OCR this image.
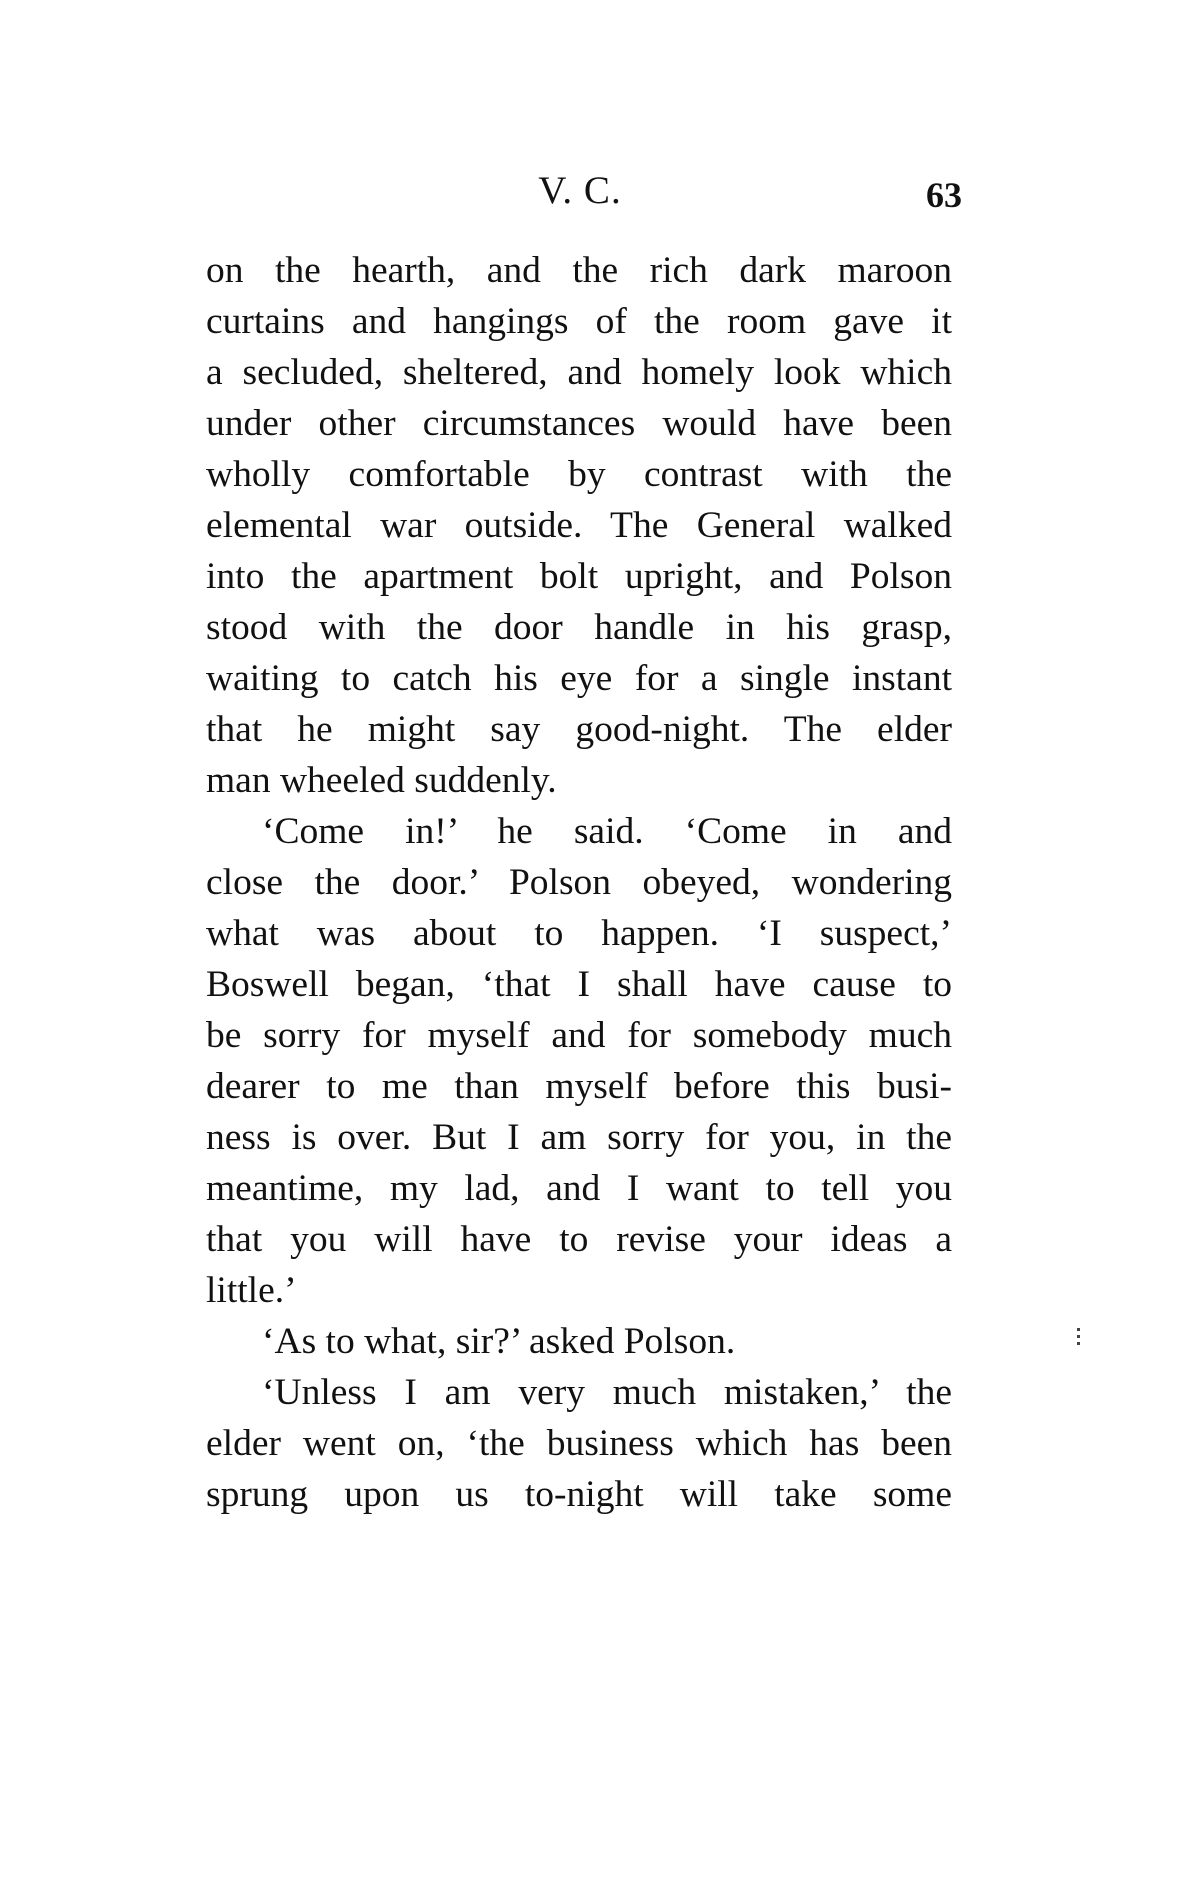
V. C.	63
on the hearth, and the rich dark maroon
curtains and hangings of the room gave it
a secluded, sheltered, and homely look which
under other circumstances would have been
wholly comfortable by contrast with the
elemental war outside. The General walked
into the apartment bolt upright, and Polson
stood with the door handle in his grasp,
waiting to catch his eye for a single instant
that he might say good-night. The elder
man wheeled suddenly.
‘Come in!’ he said. ‘Come in and
close the door.’ Polson obeyed, wondering
what was about to happen. ‘I suspect,’
Boswell began, ‘that I shall have cause to
be sorry for myself and for somebody much
dearer to me than myself before this busi-
ness is over. But I am sorry for you, in the
meantime, my lad, and I want to tell you
that you will have to revise your ideas a
little.’
‘As to what, sir?’ asked Polson.
‘Unless I am very much mistaken,’ the
elder went on, ‘the business which has been
sprung upon us to-night will take some
